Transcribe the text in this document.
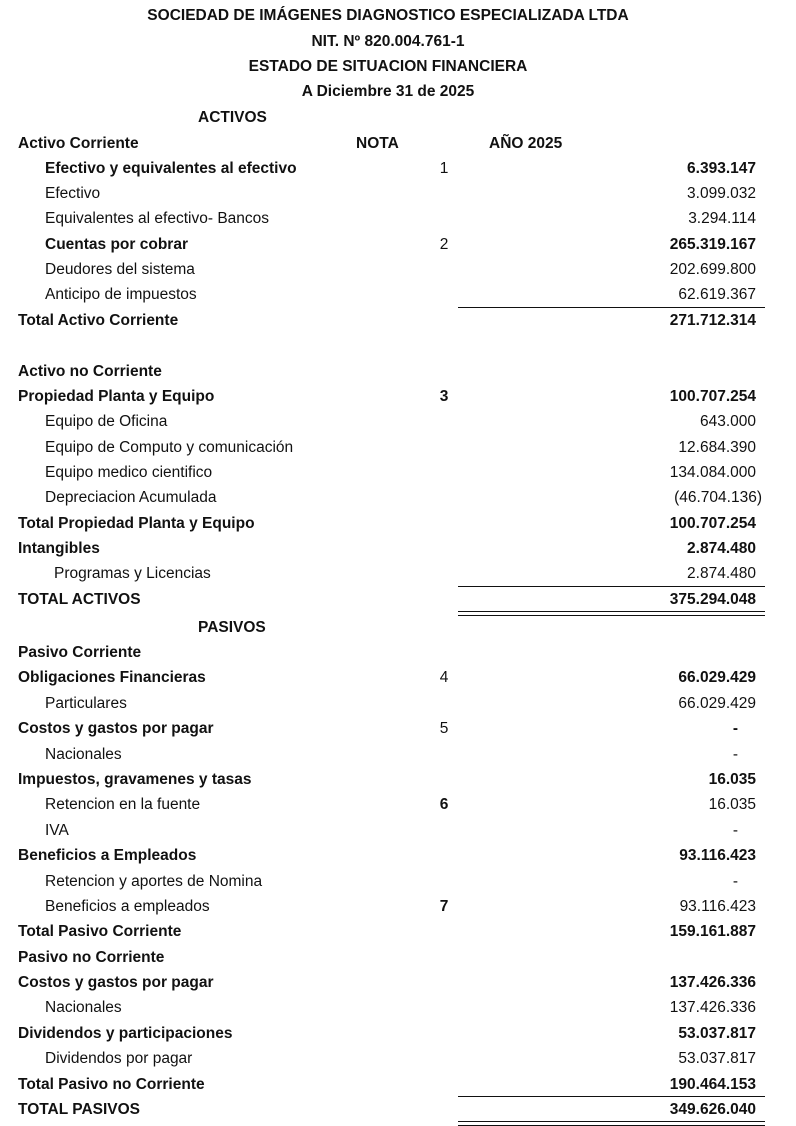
SOCIEDAD DE IMÁGENES DIAGNOSTICO ESPECIALIZADA LTDA
NIT. Nº 820.004.761-1
ESTADO DE SITUACION FINANCIERA
A Diciembre 31 de 2025
ACTIVOS
Activo Corriente	NOTA	AÑO 2025
Efectivo y equivalentes al efectivo	1	6.393.147
Efectivo	3.099.032
Equivalentes al efectivo- Bancos	3.294.114
Cuentas por cobrar	2	265.319.167
Deudores del sistema	202.699.800
Anticipo de impuestos	62.619.367
Total Activo Corriente	271.712.314
Activo no Corriente
Propiedad Planta y Equipo	3	100.707.254
Equipo de Oficina	643.000
Equipo de Computo y comunicación	12.684.390
Equipo medico cientifico	134.084.000
Depreciacion Acumulada	(46.704.136)
Total Propiedad Planta y Equipo	100.707.254
Intangibles	2.874.480
Programas y Licencias	2.874.480
TOTAL ACTIVOS	375.294.048
PASIVOS
Pasivo Corriente
Obligaciones Financieras	4	66.029.429
Particulares	66.029.429
Costos y gastos por pagar	5	-
Nacionales	-
Impuestos, gravamenes y tasas	16.035
Retencion en la fuente	6	16.035
IVA	-
Beneficios a Empleados	93.116.423
Retencion y aportes de Nomina	-
Beneficios a empleados	7	93.116.423
Total Pasivo Corriente	159.161.887
Pasivo no Corriente
Costos y gastos por pagar	137.426.336
Nacionales	137.426.336
Dividendos y participaciones	53.037.817
Dividendos por pagar	53.037.817
Total Pasivo no Corriente	190.464.153
TOTAL PASIVOS	349.626.040
